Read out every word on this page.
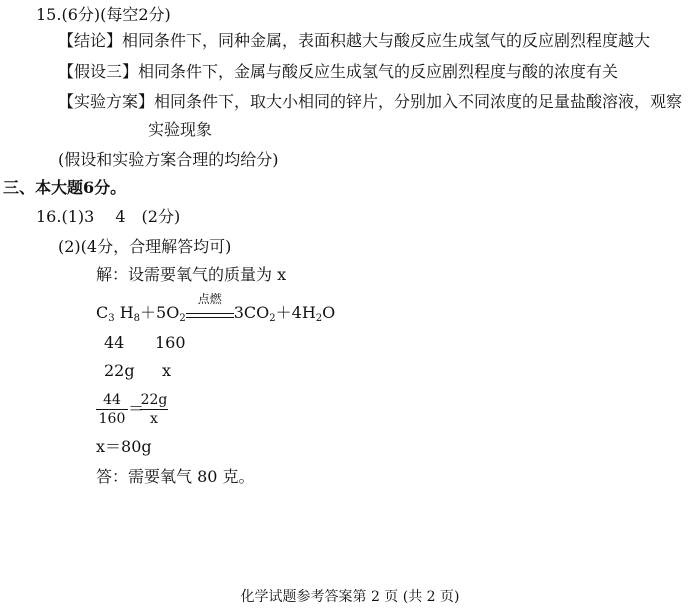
15.(6分)(每空2分)
【结论】相同条件下，同种金属，表面积越大与酸反应生成氢气的反应剧烈程度越大
【假设三】相同条件下，金属与酸反应生成氢气的反应剧烈程度与酸的浓度有关
【实验方案】相同条件下，取大小相同的锌片，分别加入不同浓度的足量盐酸溶液，观察
实验现象
(假设和实验方案合理的均给分)
三、本大题6分。
16.(1)3　 4　(2分)
(2)(4分，合理解答均可)
解：设需要氧气的质量为 x
$C_3$ $H_8+5O_2$
点燃
$3CO_2+4H_2O$
44 160
22g x
44
160
＝
22g
x
x＝80g
答：需要氧气 80 克。
化学试题参考答案第 2 页 (共 2 页)
